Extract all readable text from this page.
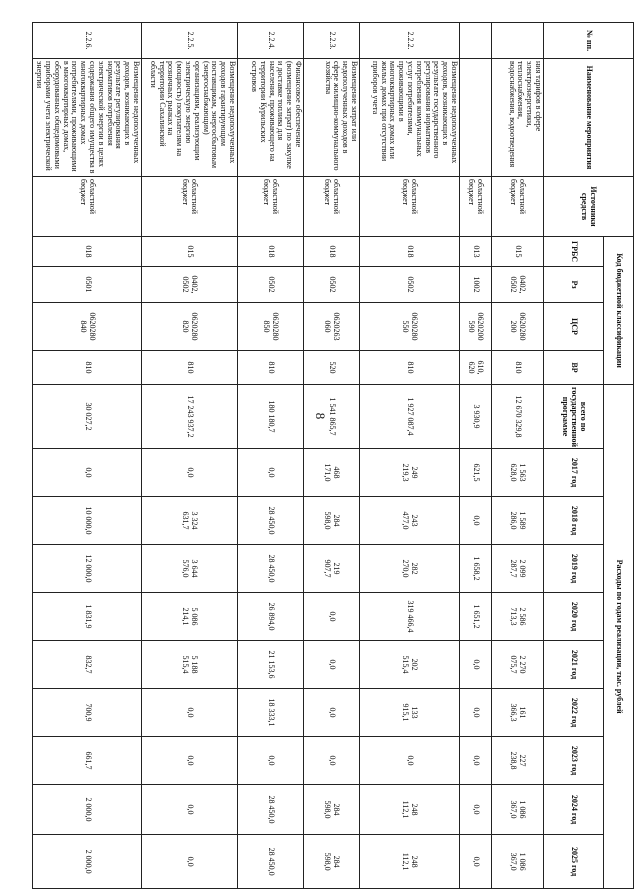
8
№ пп.	Наименование мероприятия	Источники средств	Код бюджетной классификации				Расходы по годам реализации, тыс. рублей									
			ГРБС	Рз	ЦСР	ВР	всего по государственной программе	2017 год	2018 год	2019 год	2020 год	2021 год	2022 год	2023 год	2024 год	2025 год
	ния тарифов в сфере электроэнергетики, теплоснабжения, водоснабжения, водоотведения	областной бюджет	015	0402,
0502	0620280
200	810	12 670 329,8	1 563
628,0	1 589
286,0	2 099
287,7	2 586
713,3	2 270
075,7	161
366,3	227
238,8	1 086
367,0	1 086
367,0
		областной бюджет	013	1002	0620200
590	610,
620	3 930,9	621,5	0,0	1 658,2	1 651,2	0,0	0,0	0,0	0,0	0,0
2.2.2.	Возмещение недополученных доходов, возникающих в результате государственного регулирования нормативов потребления коммунальных услуг потребителями, проживающими в многоквартирных домах или жилых домах при отсутствии приборов учета	областной бюджет	018	0502	0620280
550	810	1 927 087,4	249
219,3	243
477,0	282
270,0	319 466,4	202
515,4	133
915,1	0,0	248
112,1	248
112,1
2.2.3.	Возмещение затрат или недополученных доходов в сфере жилищно-коммунального хозяйства	областной бюджет	018	0502	0620263
060	520	1 541 865,7	468
171,0	284
598,0	219
907,7	0,0	0,0	0,0	0,0	284
598,0	284
598,0
2.2.4.	Финансовое обеспечение (возмещение затрат) по закупке и доставке топлива для населения, проживающего на территории Курильских островов	областной бюджет	018	0502	0620280
850	810	180 180,7	0,0	28 450,0	28 450,0	26 894,0	21 153,6	18 333,1	0,0	28 450,0	28 450,0
2.2.5.	Возмещение недополученных доходов гарантирующим поставщикам, энергосбытовым (энергоснабжающим) организациям, реализующим электрическую энергию (мощность) покупателям на розничных рынках на территории Сахалинской области	областной бюджет	015	0402,
0502	0620280
820	810	17 243 937,2	0,0	3 324
631,7	3 644
576,0	5 086
214,1	5 188
515,4	0,0	0,0	0,0	0,0
2.2.6.	Возмещение недополученных доходов, возникающих в результате регулирования нормативов потребления электрической энергии в целях содержания общего имущества в многоквартирных домах потребителями, проживающими в многоквартирных домах, оборудованных общедомовыми приборами учета электрической энергии	областной бюджет	018	0501	0620280
840	810	30 027,2	0,0	10 000,0	12 000,0	1 831,9	832,7	700,9	661,7	2 000,0	2 000,0
